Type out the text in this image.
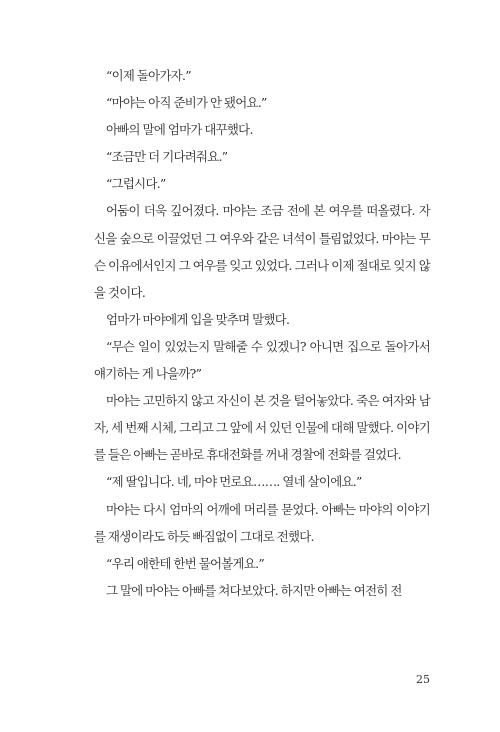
“이제 돌아가자.”

“마야는 아직 준비가 안 됐어요.”

아빠의 말에 엄마가 대꾸했다.

“조금만 더 기다려줘요.”

“그럽시다.”

어둠이 더욱 깊어졌다. 마야는 조금 전에 본 여우를 떠올렸다. 자신을 숲으로 이끌었던 그 여우와 같은 녀석이 틀림없었다. 마야는 무슨 이유에서인지 그 여우를 잊고 있었다. 그러나 이제 절대로 잊지 않을 것이다.

엄마가 마야에게 입을 맞추며 말했다.

“무슨 일이 있었는지 말해줄 수 있겠니? 아니면 집으로 돌아가서 얘기하는 게 나을까?”

마야는 고민하지 않고 자신이 본 것을 털어놓았다. 죽은 여자와 남자, 세 번째 시체, 그리고 그 앞에 서 있던 인물에 대해 말했다. 이야기를 들은 아빠는 곧바로 휴대전화를 꺼내 경찰에 전화를 걸었다.

“제 딸입니다. 네, 마야 먼로요……. 열네 살이에요.”

마야는 다시 엄마의 어깨에 머리를 묻었다. 아빠는 마야의 이야기를 재생이라도 하듯 빠짐없이 그대로 전했다.

“우리 애한테 한번 물어볼게요.”

그 말에 마야는 아빠를 쳐다보았다. 하지만 아빠는 여전히 전

25
